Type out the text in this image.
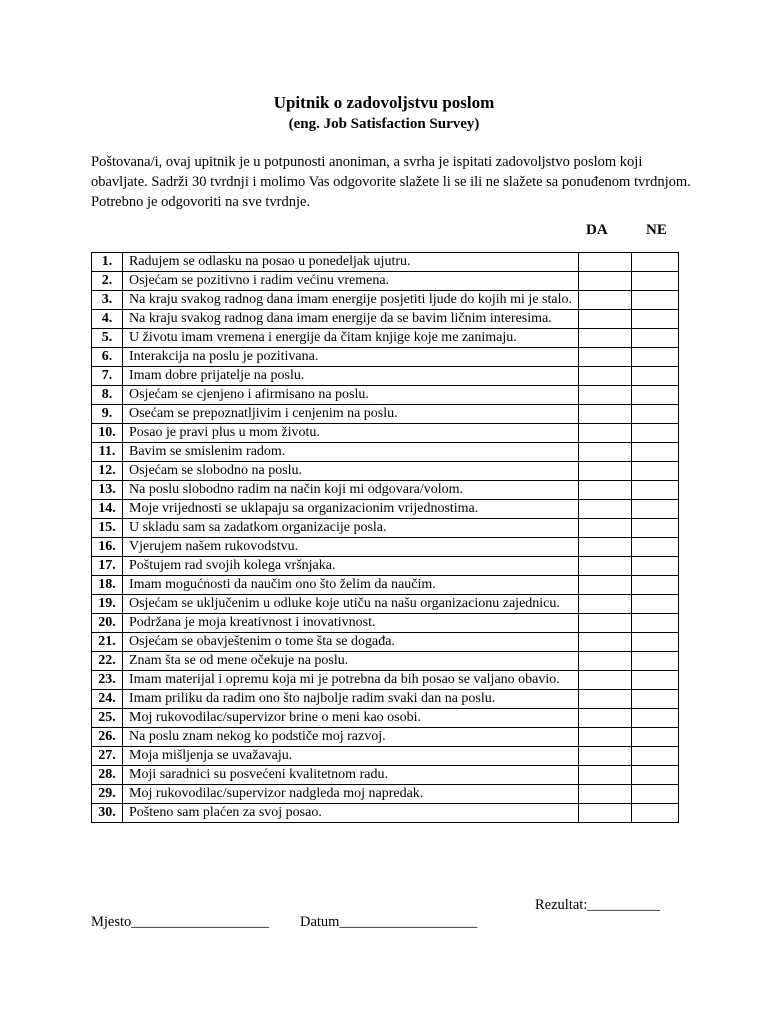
Upitnik o zadovoljstvu poslom
(eng. Job Satisfaction Survey)
Poštovana/i, ovaj upitnik je u potpunosti anoniman, a svrha je ispitati zadovoljstvo poslom koji obavljate. Sadrži 30 tvrdnji i molimo Vas odgovorite slažete li se ili ne slažete sa ponuđenom tvrdnjom. Potrebno je odgovoriti na sve tvrdnje.
DA	NE
1.	Radujem se odlasku na posao u ponedeljak ujutru.		
2.	Osjećam se pozitivno i radim većinu vremena.		
3.	Na kraju svakog radnog dana imam energije posjetiti ljude do kojih mi je stalo.		
4.	Na kraju svakog radnog dana imam energije da se bavim ličnim interesima.		
5.	U životu imam vremena i energije da čitam knjige koje me zanimaju.		
6.	Interakcija na poslu je pozitivana.		
7.	Imam dobre prijatelje na poslu.		
8.	Osjećam se cjenjeno i afirmisano na poslu.		
9.	Osećam se prepoznatljivim i cenjenim na poslu.		
10.	Posao je pravi plus u mom životu.		
11.	Bavim se smislenim radom.		
12.	Osjećam se slobodno na poslu.		
13.	Na poslu slobodno radim na način koji mi odgovara/volom.		
14.	Moje vrijednosti se uklapaju sa organizacionim vrijednostima.		
15.	U skladu sam sa zadatkom organizacije posla.		
16.	Vjerujem našem rukovodstvu.		
17.	Poštujem rad svojih kolega vršnjaka.		
18.	Imam mogućnosti da naučim ono što želim da naučim.		
19.	Osjećam se uključenim u odluke koje utiču na našu organizacionu zajednicu.		
20.	Podržana je moja kreativnost i inovativnost.		
21.	Osjećam se obavještenim o tome šta se događa.		
22.	Znam šta se od mene očekuje na poslu.		
23.	Imam materijal i opremu koja mi je potrebna da bih posao se valjano obavio.		
24.	Imam priliku da radim ono što najbolje radim svaki dan na poslu.		
25.	Moj rukovodilac/supervizor brine o meni kao osobi.		
26.	Na poslu znam nekog ko podstiče moj razvoj.		
27.	Moja mišljenja se uvažavaju.		
28.	Moji saradnici su posvećeni kvalitetnom radu.		
29.	Moj rukovodilac/supervizor nadgleda moj napredak.		
30.	Pošteno sam plaćen za svoj posao.		
Rezultat:__________
Mjesto___________________ Datum___________________
